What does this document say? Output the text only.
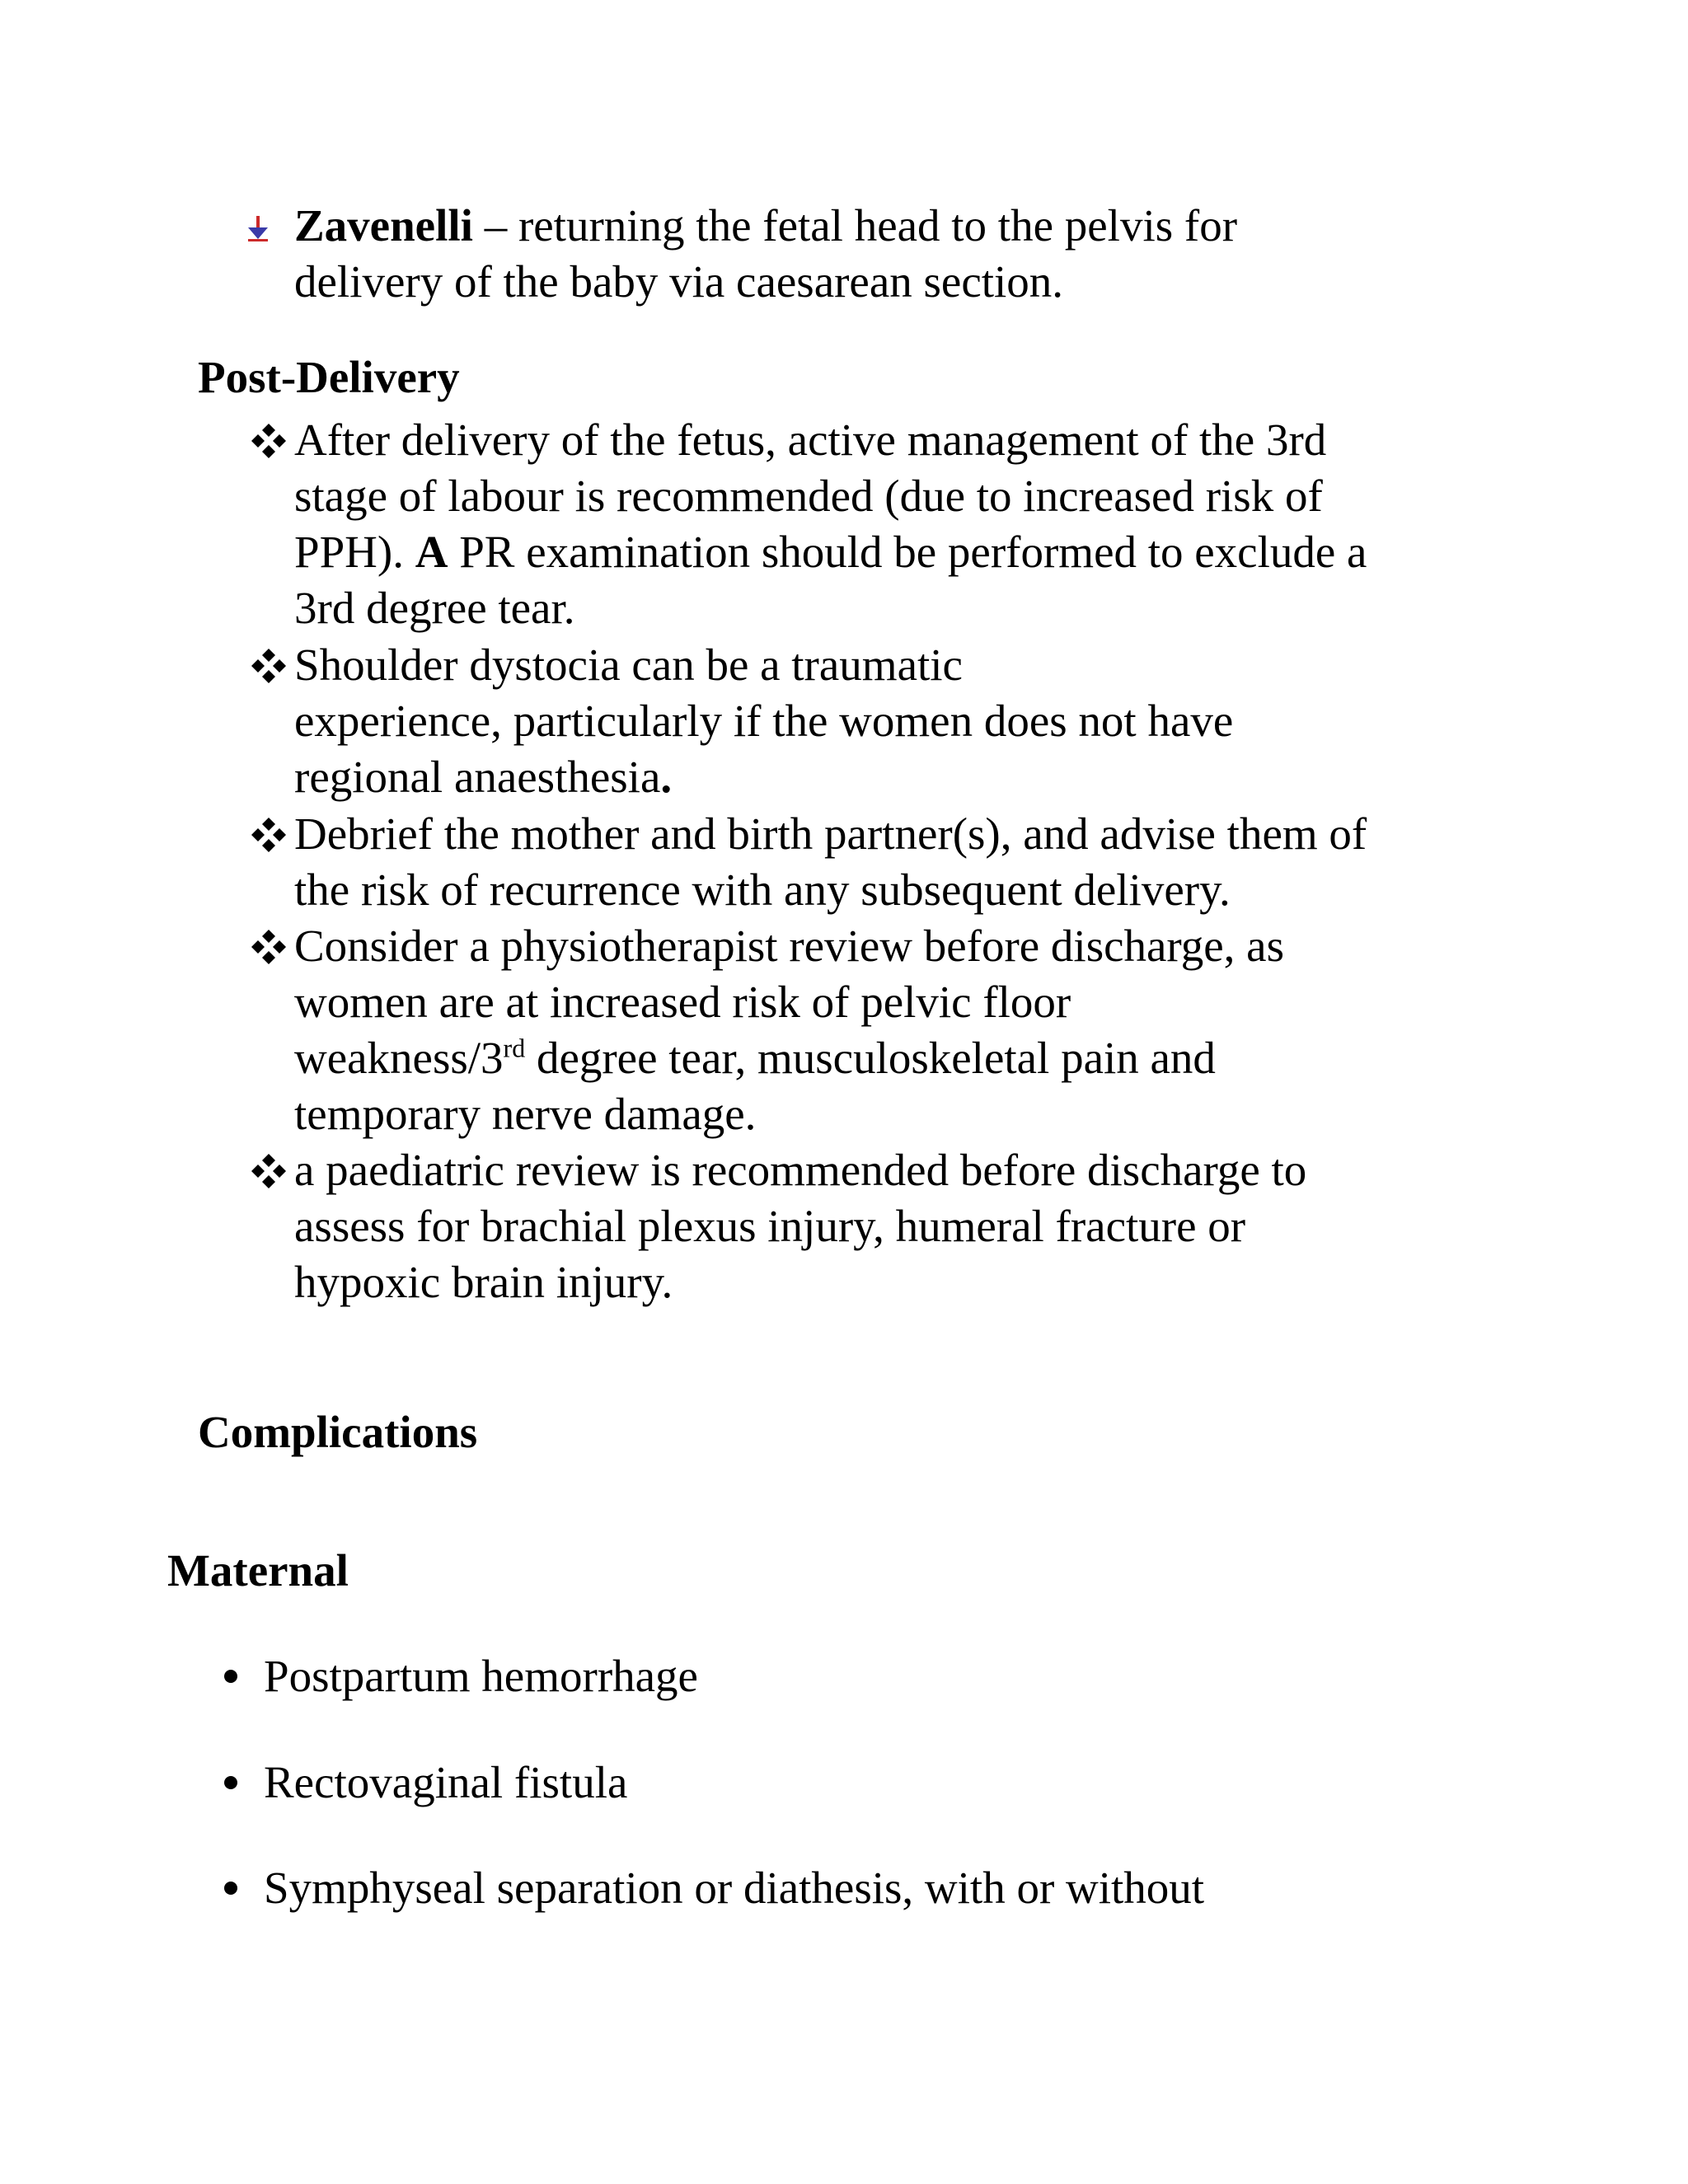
Zavenelli – returning the fetal head to the pelvis for
delivery of the baby via caesarean section.
Post-Delivery
After delivery of the fetus, active management of the 3rd
stage of labour is recommended (due to increased risk of
PPH). A PR examination should be performed to exclude a
3rd degree tear.
Shoulder dystocia can be a traumatic
experience, particularly if the women does not have
regional anaesthesia.
Debrief the mother and birth partner(s), and advise them of
the risk of recurrence with any subsequent delivery.
Consider a physiotherapist review before discharge, as
women are at increased risk of pelvic floor
weakness/3rd degree tear, musculoskeletal pain and
temporary nerve damage.
a paediatric review is recommended before discharge to
assess for brachial plexus injury, humeral fracture or
hypoxic brain injury.
Complications
Maternal
Postpartum hemorrhage
Rectovaginal fistula
Symphyseal separation or diathesis, with or without
